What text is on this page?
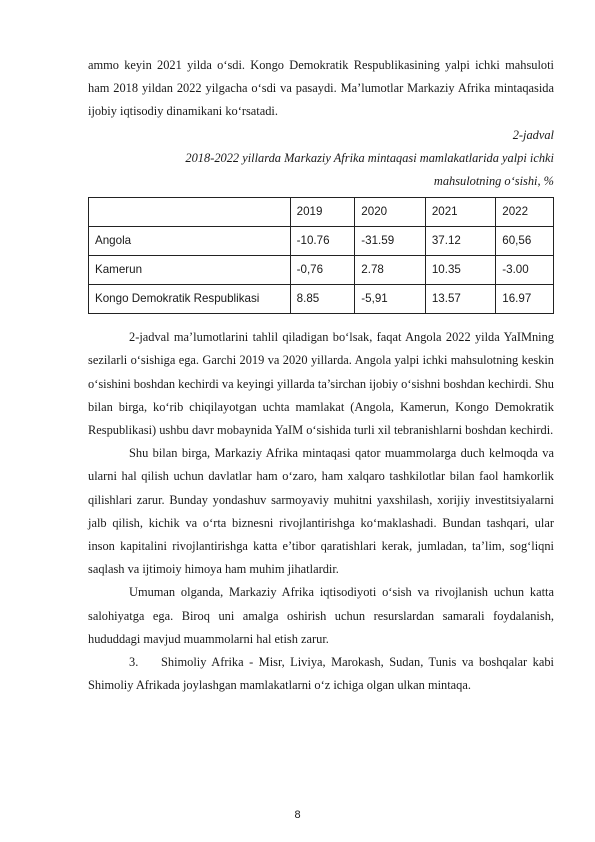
ammo keyin 2021 yilda o‘sdi. Kongo Demokratik Respublikasining yalpi ichki mahsuloti ham 2018 yildan 2022 yilgacha o‘sdi va pasaydi. Ma’lumotlar Markaziy Afrika mintaqasida ijobiy iqtisodiy dinamikani ko‘rsatadi.

2-jadval

2018-2022 yillarda Markaziy Afrika mintaqasi mamlakatlarida yalpi ichki

mahsulotning o‘sishi, %

	2019	2020	2021	2022
Angola	-10.76	-31.59	37.12	60,56
Kamerun	-0,76	2.78	10.35	-3.00
Kongo Demokratik Respublikasi	8.85	-5,91	13.57	16.97

2-jadval ma’lumotlarini tahlil qiladigan bo‘lsak, faqat Angola 2022 yilda YaIMning sezilarli o‘sishiga ega. Garchi 2019 va 2020 yillarda. Angola yalpi ichki mahsulotning keskin o‘sishini boshdan kechirdi va keyingi yillarda ta’sirchan ijobiy o‘sishni boshdan kechirdi. Shu bilan birga, ko‘rib chiqilayotgan uchta mamlakat (Angola, Kamerun, Kongo Demokratik Respublikasi) ushbu davr mobaynida YaIM o‘sishida turli xil tebranishlarni boshdan kechirdi.

Shu bilan birga, Markaziy Afrika mintaqasi qator muammolarga duch kelmoqda va ularni hal qilish uchun davlatlar ham o‘zaro, ham xalqaro tashkilotlar bilan faol hamkorlik qilishlari zarur. Bunday yondashuv sarmoyaviy muhitni yaxshilash, xorijiy investitsiyalarni jalb qilish, kichik va o‘rta biznesni rivojlantirishga ko‘maklashadi. Bundan tashqari, ular inson kapitalini rivojlantirishga katta e’tibor qaratishlari kerak, jumladan, ta’lim, sog‘liqni saqlash va ijtimoiy himoya ham muhim jihatlardir.

Umuman olganda, Markaziy Afrika iqtisodiyoti o‘sish va rivojlanish uchun katta salohiyatga ega. Biroq uni amalga oshirish uchun resurslardan samarali foydalanish, hududdagi mavjud muammolarni hal etish zarur.

3. Shimoliy Afrika - Misr, Liviya, Marokash, Sudan, Tunis va boshqalar kabi Shimoliy Afrikada joylashgan mamlakatlarni o‘z ichiga olgan ulkan mintaqa.

8
